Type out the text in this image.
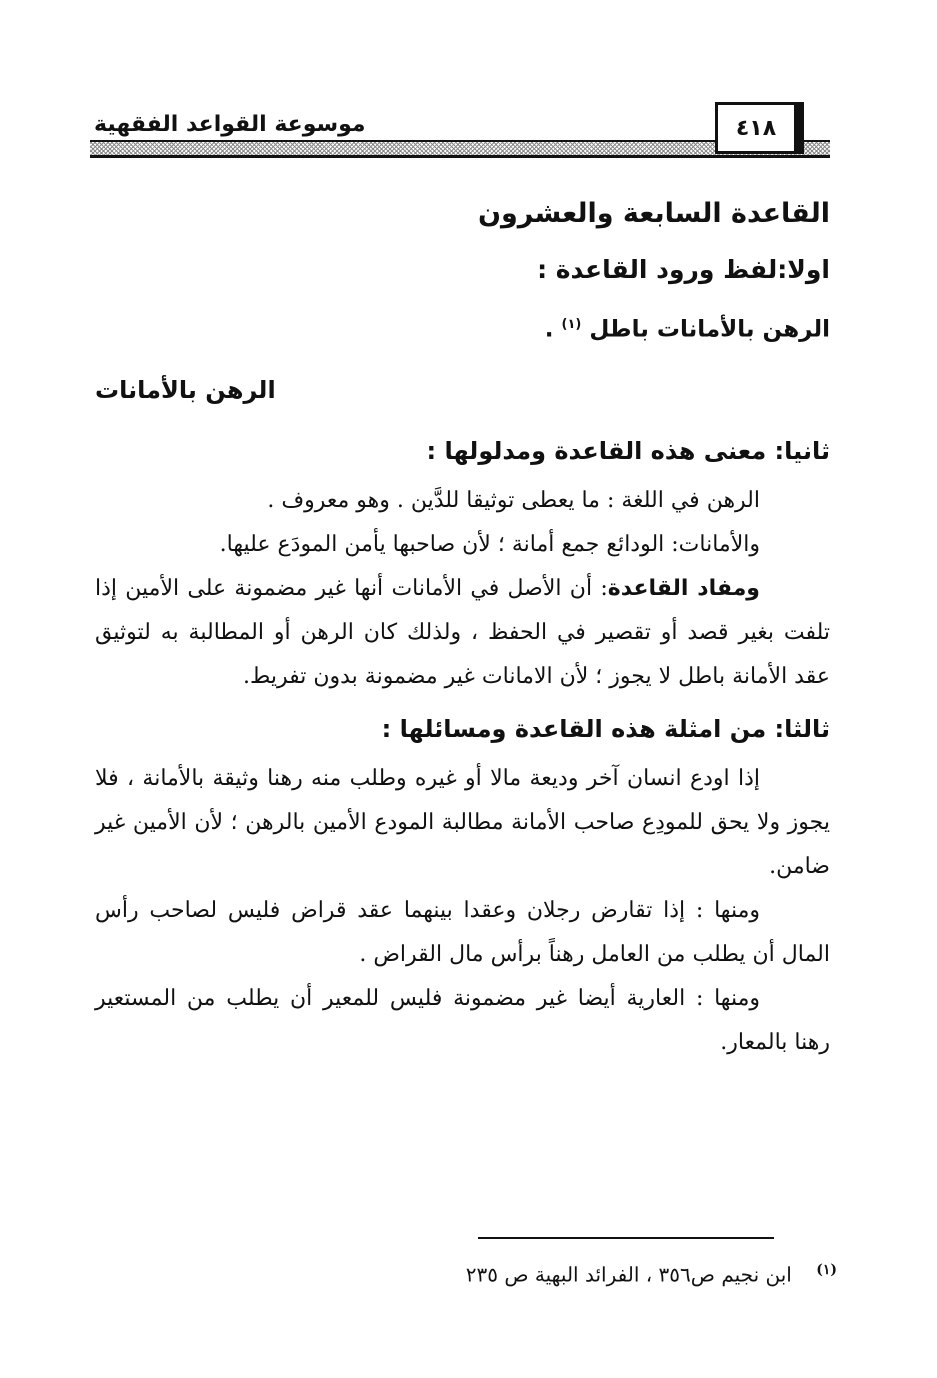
٤١٨
موسوعة القواعد الفقهية
القاعدة السابعة والعشرون
اولا:لفظ ورود القاعدة :
الرهن بالأمانات باطل $^{(١)}$ .
الرهن بالأمانات
ثانيا: معنى هذه القاعدة ومدلولها :
الرهن في اللغة : ما يعطى توثيقا للدَّين . وهو معروف .
والأمانات: الودائع جمع أمانة ؛ لأن صاحبها يأمن المودَع عليها.
ومفاد القاعدة: أن الأصل في الأمانات أنها غير مضمونة على الأمين إذا تلفت بغير قصد أو تقصير في الحفظ ، ولذلك كان الرهن أو المطالبة به لتوثيق عقد الأمانة باطل لا يجوز ؛ لأن الامانات غير مضمونة بدون تفريط.
ثالثا: من امثلة هذه القاعدة ومسائلها :
إذا اودع انسان آخر وديعة مالا أو غيره وطلب منه رهنا وثيقة بالأمانة ، فلا يجوز ولا يحق للمودِع صاحب الأمانة مطالبة المودع الأمين بالرهن ؛ لأن الأمين غير ضامن.
ومنها : إذا تقارض رجلان وعقدا بينهما عقد قراض فليس لصاحب رأس المال أن يطلب من العامل رهناً برأس مال القراض .
ومنها : العارية أيضا غير مضمونة فليس للمعير أن يطلب من المستعير رهنا بالمعار.
$^{(١)}$ ابن نجيم ص٣٥٦ ، الفرائد البهية ص ٢٣٥
